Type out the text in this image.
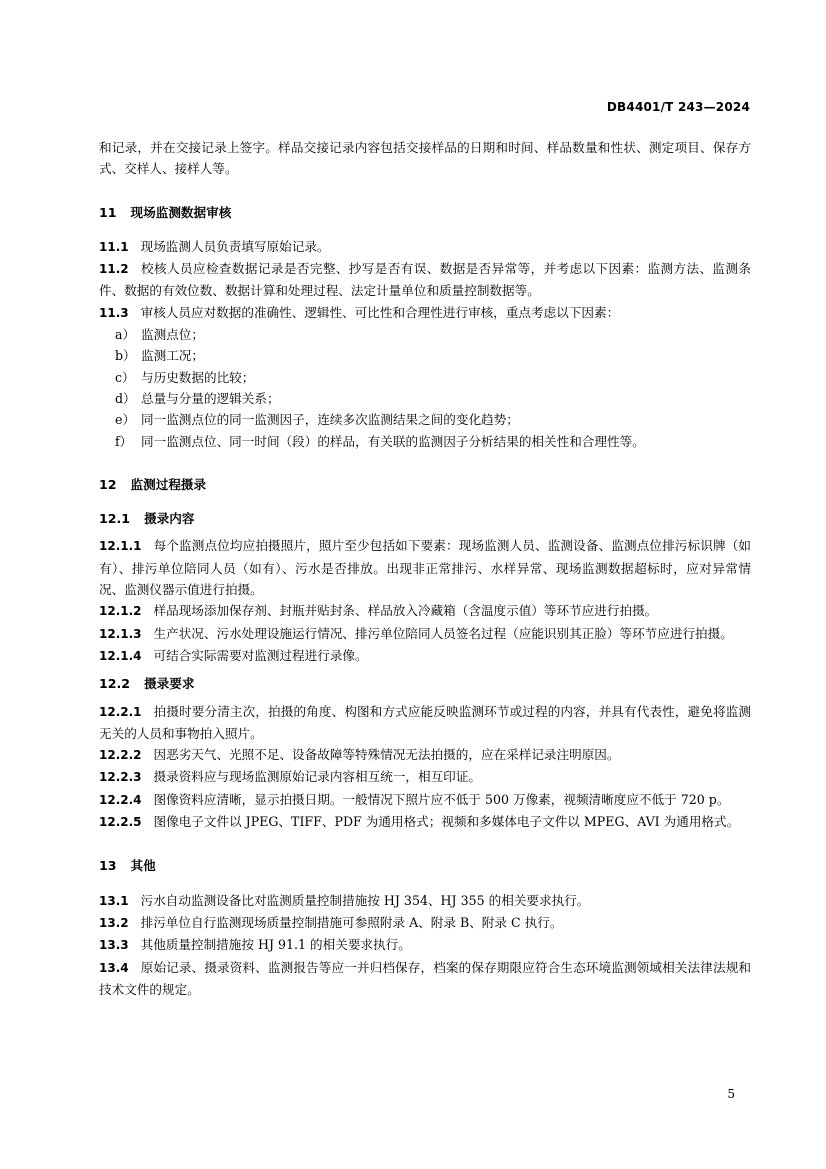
DB4401/T 243—2024

和记录，并在交接记录上签字。样品交接记录内容包括交接样品的日期和时间、样品数量和性状、测定项目、保存方式、交样人、接样人等。

11 现场监测数据审核

11.1 现场监测人员负责填写原始记录。

11.2 校核人员应检查数据记录是否完整、抄写是否有误、数据是否异常等，并考虑以下因素：监测方法、监测条件、数据的有效位数、数据计算和处理过程、法定计量单位和质量控制数据等。

11.3 审核人员应对数据的准确性、逻辑性、可比性和合理性进行审核，重点考虑以下因素：

a） 监测点位；
b） 监测工况；
c） 与历史数据的比较；
d） 总量与分量的逻辑关系；
e） 同一监测点位的同一监测因子，连续多次监测结果之间的变化趋势；
f） 同一监测点位、同一时间（段）的样品，有关联的监测因子分析结果的相关性和合理性等。

12 监测过程摄录

12.1 摄录内容

12.1.1 每个监测点位均应拍摄照片，照片至少包括如下要素：现场监测人员、监测设备、监测点位排污标识牌（如有）、排污单位陪同人员（如有）、污水是否排放。出现非正常排污、水样异常、现场监测数据超标时，应对异常情况、监测仪器示值进行拍摄。

12.1.2 样品现场添加保存剂、封瓶并贴封条、样品放入冷藏箱（含温度示值）等环节应进行拍摄。

12.1.3 生产状况、污水处理设施运行情况、排污单位陪同人员签名过程（应能识别其正脸）等环节应进行拍摄。

12.1.4 可结合实际需要对监测过程进行录像。

12.2 摄录要求

12.2.1 拍摄时要分清主次，拍摄的角度、构图和方式应能反映监测环节或过程的内容，并具有代表性，避免将监测无关的人员和事物拍入照片。

12.2.2 因恶劣天气、光照不足、设备故障等特殊情况无法拍摄的，应在采样记录注明原因。

12.2.3 摄录资料应与现场监测原始记录内容相互统一，相互印证。

12.2.4 图像资料应清晰，显示拍摄日期。一般情况下照片应不低于 500 万像素，视频清晰度应不低于 720 p。

12.2.5 图像电子文件以 JPEG、TIFF、PDF 为通用格式；视频和多媒体电子文件以 MPEG、AVI 为通用格式。

13 其他

13.1 污水自动监测设备比对监测质量控制措施按 HJ 354、HJ 355 的相关要求执行。

13.2 排污单位自行监测现场质量控制措施可参照附录 A、附录 B、附录 C 执行。

13.3 其他质量控制措施按 HJ 91.1 的相关要求执行。

13.4 原始记录、摄录资料、监测报告等应一并归档保存，档案的保存期限应符合生态环境监测领域相关法律法规和技术文件的规定。

5
